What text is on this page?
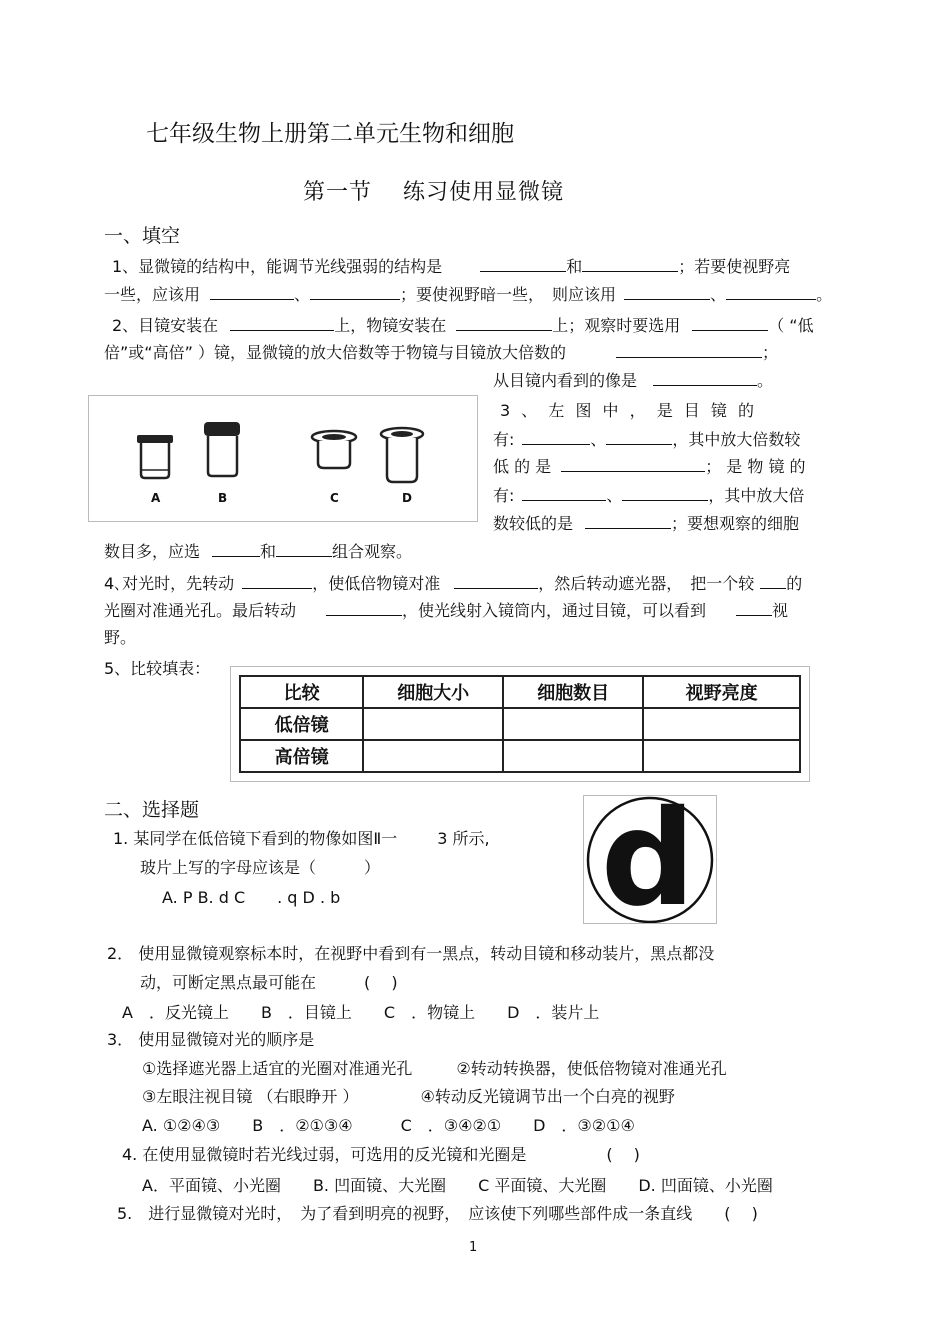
七年级生物上册第二单元生物和细胞
第一节　 练习使用显微镜
一、填空
1、显微镜的结构中，能调节光线强弱的结构是	和	；若要使视野亮
一些，应该用	、	；要使视野暗一些，　则应该用	、	。
2、目镜安装在	上，物镜安装在	上；观察时要选用	（ “低
倍”或“高倍” ）镜，显微镜的放大倍数等于物镜与目镜放大倍数的	；
从目镜内看到的像是	。
A	B	C	D
3 、 左 图 中 ， 是 目 镜 的
有:	、	，其中放大倍数较
低 的 是	； 是 物 镜 的
有:	、	，其中放大倍
数较低的是	；要想观察的细胞
数目多，应选	和	组合观察。
4､对光时，先转动	，使低倍物镜对准	，然后转动遮光器，　把一个较 的
光圈对准通光孔。最后转动	，使光线射入镜筒内，通过目镜，可以看到	视
野。
5、比较填表：
比较	细胞大小	细胞数目	视野亮度
低倍镜			
高倍镜			
二、选择题	d
1. 某同学在低倍镜下看到的物像如图Ⅱ一	3 所示,
玻片上写的字母应该是（　　　）
A. P B. d C　　. q D . b
2． 使用显微镜观察标本时，在视野中看到有一黑点，转动目镜和移动装片，黑点都没
动，可断定黑点最可能在　　　(　 )
A　．反光镜上　　B　．目镜上　　C　．物镜上　　D　．装片上
3． 使用显微镜对光的顺序是
①选择遮光器上适宜的光圈对准通光孔	②转动转换器，使低倍物镜对准通光孔
③左眼注视目镜 （右眼睁开 ）	④转动反光镜调节出一个白亮的视野
A. ①②④③　　B　．②①③④　　　C　．③④②①　　D　．③②①④
4. 在使用显微镜时若光线过弱，可选用的反光镜和光圈是　　　　　(　 )
A．平面镜、小光圈　　B. 凹面镜、大光圈　　C 平面镜、大光圈　　D. 凹面镜、小光圈
5.　进行显微镜对光时，　为了看到明亮的视野，　应该使下列哪些部件成一条直线　　(　 )
1
